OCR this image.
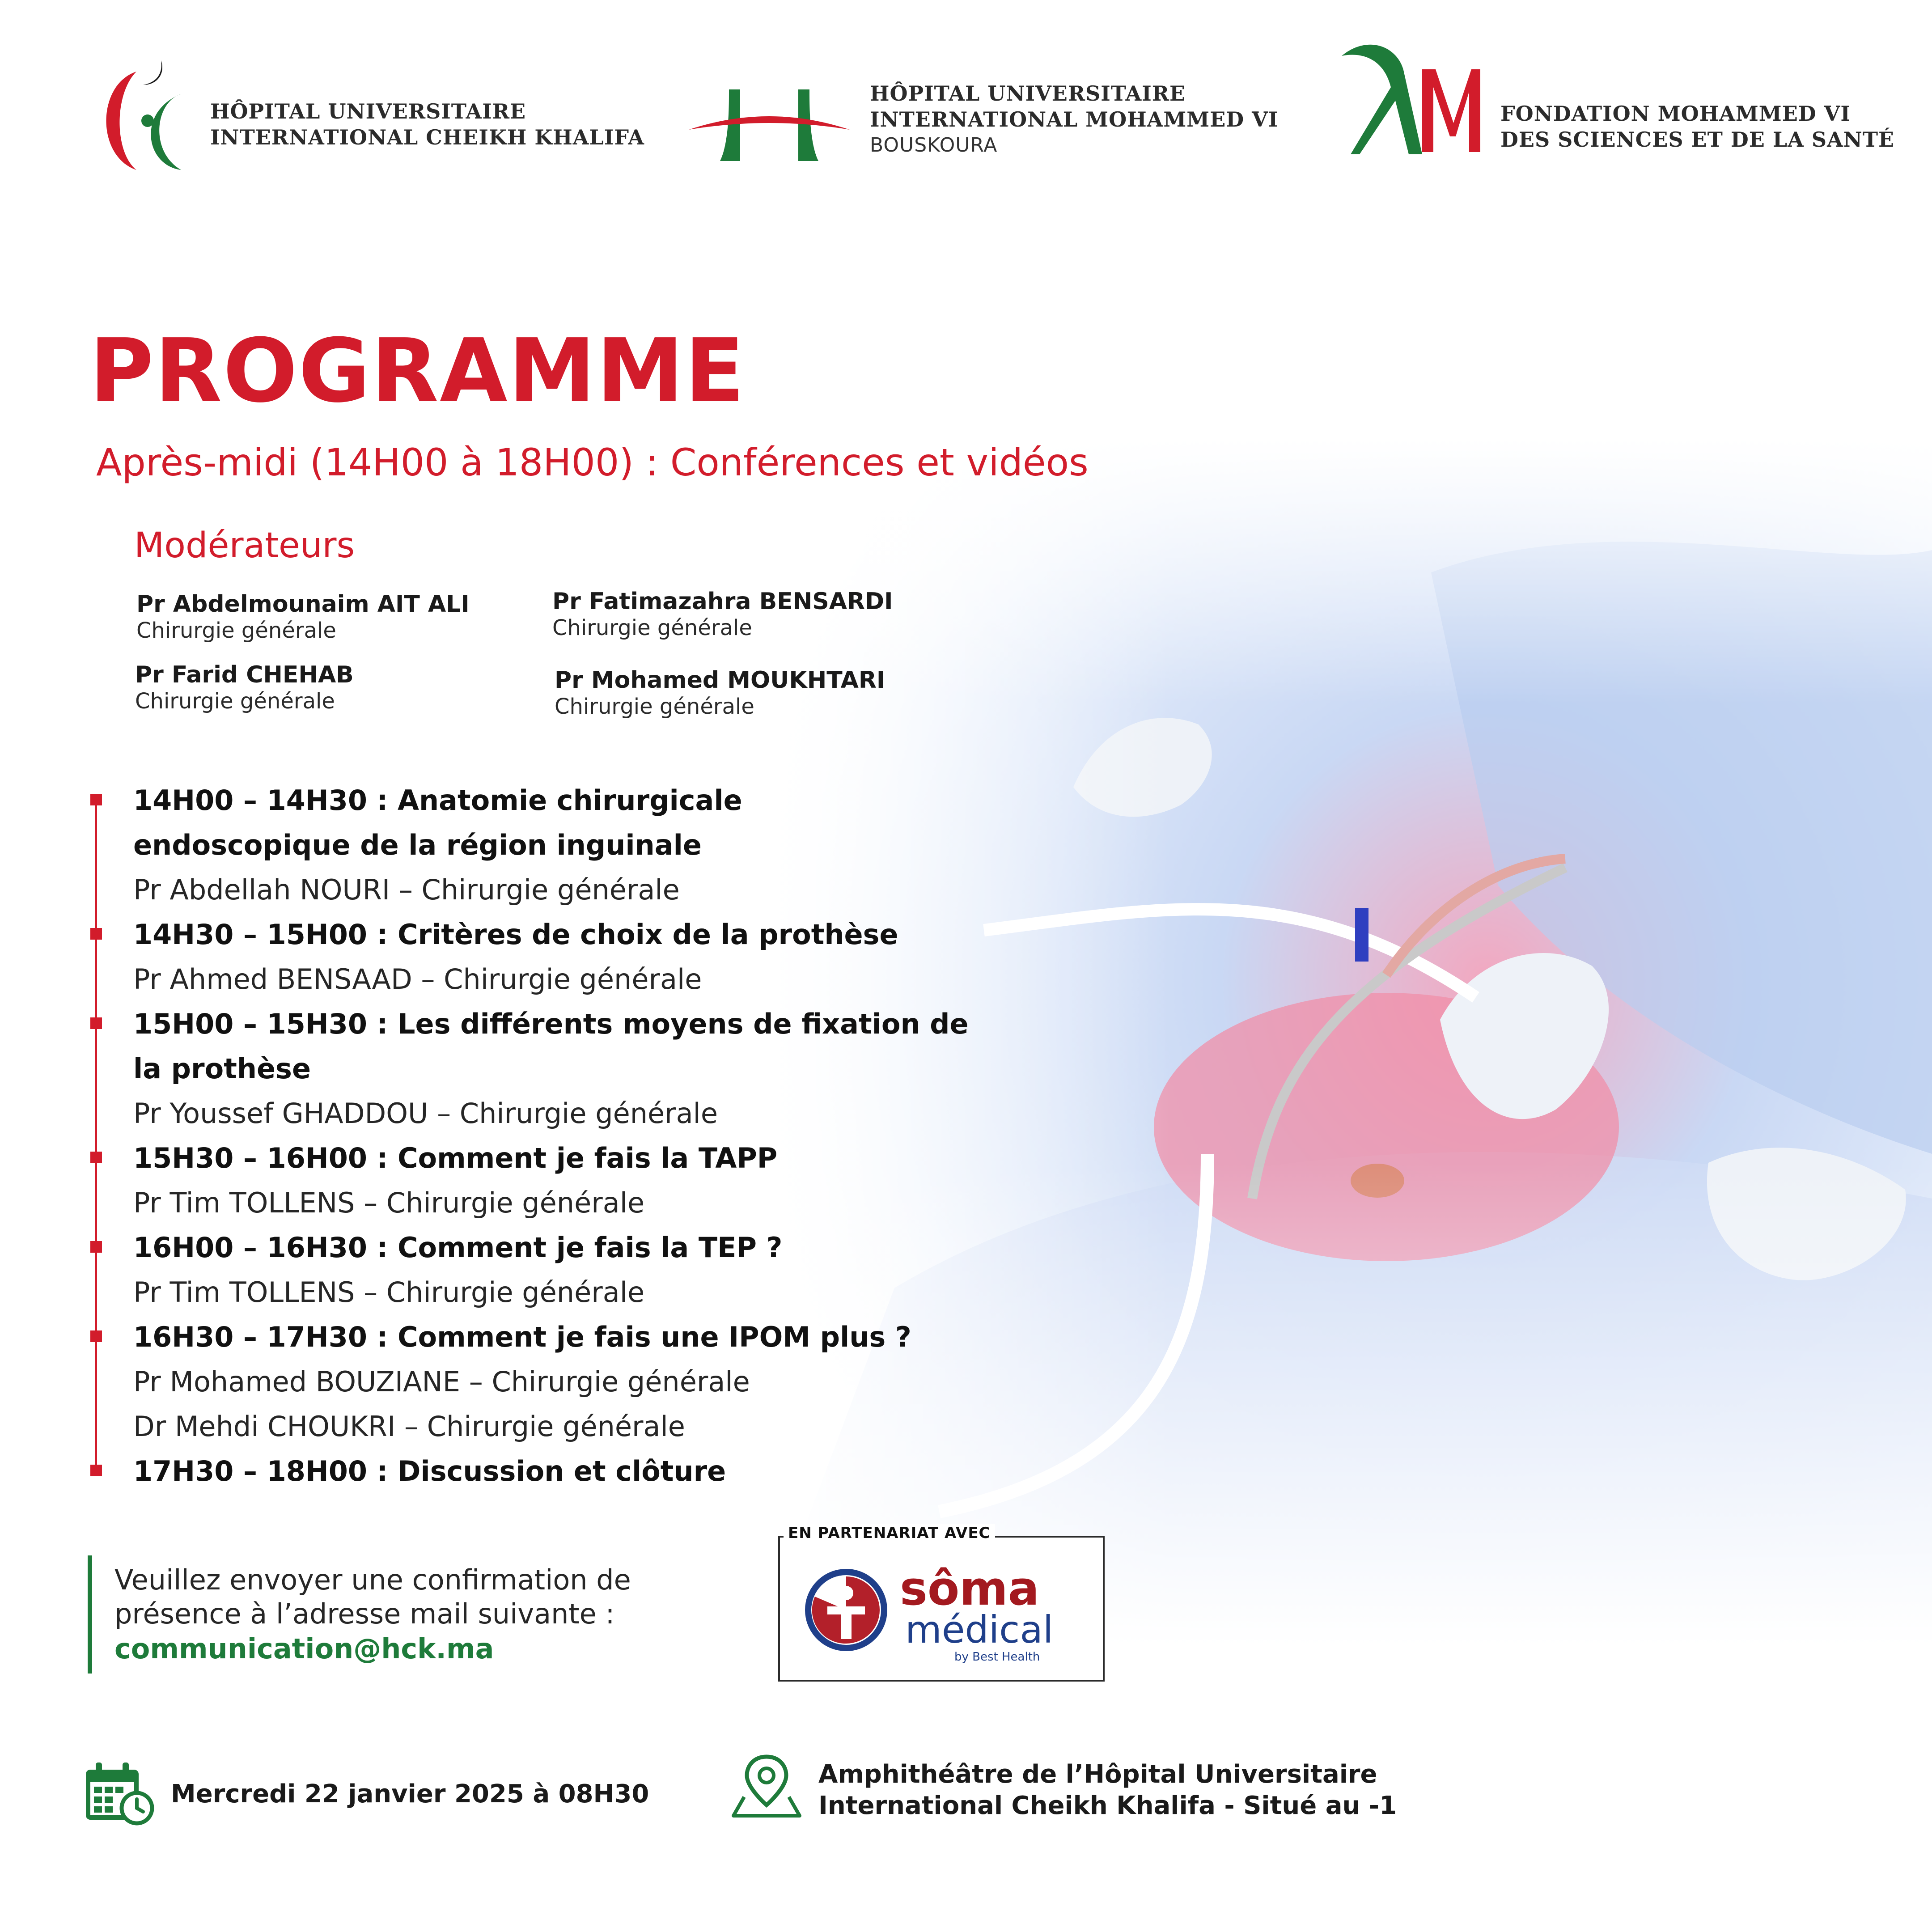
HÔPITAL UNIVERSITAIRE
INTERNATIONAL CHEIKH KHALIFA
HÔPITAL UNIVERSITAIRE
INTERNATIONAL MOHAMMED VI
BOUSKOURA
FONDATION MOHAMMED VI
DES SCIENCES ET DE LA SANTÉ
PROGRAMME
Après-midi (14H00 à 18H00) : Conférences et vidéos
Modérateurs
Pr Abdelmounaim AIT ALI
Chirurgie générale
Pr Fatimazahra BENSARDI
Chirurgie générale
Pr Farid CHEHAB
Chirurgie générale
Pr Mohamed MOUKHTARI
Chirurgie générale
14H00 – 14H30 : Anatomie chirurgicale
endoscopique de la région inguinale
Pr Abdellah NOURI – Chirurgie générale
14H30 – 15H00 : Critères de choix de la prothèse
Pr Ahmed BENSAAD – Chirurgie générale
15H00 – 15H30 : Les différents moyens de fixation de
la prothèse
Pr Youssef GHADDOU – Chirurgie générale
15H30 – 16H00 : Comment je fais la TAPP
Pr Tim TOLLENS – Chirurgie générale
16H00 – 16H30 : Comment je fais la TEP ?
Pr Tim TOLLENS – Chirurgie générale
16H30 – 17H30 : Comment je fais une IPOM plus ?
Pr Mohamed BOUZIANE – Chirurgie générale
Dr Mehdi CHOUKRI – Chirurgie générale
17H30 – 18H00 : Discussion et clôture
Veuillez envoyer une confirmation de
présence à l’adresse mail suivante :
communication@hck.ma
sôma
médical
by Best Health
EN PARTENARIAT AVEC
Mercredi 22 janvier 2025 à 08H30
Amphithéâtre de l’Hôpital Universitaire
International Cheikh Khalifa - Situé au -1
